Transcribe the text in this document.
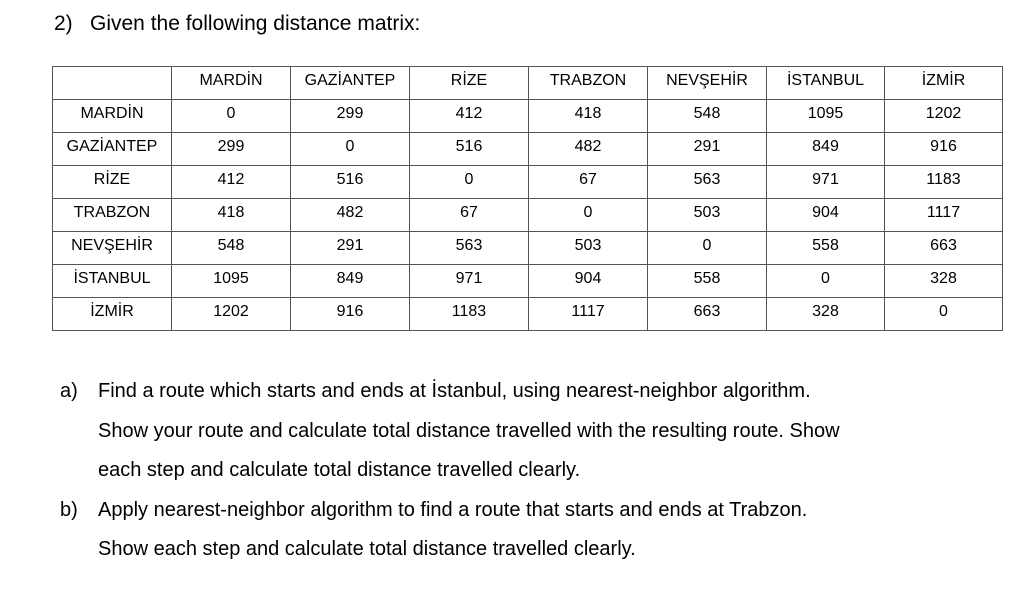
2) Given the following distance matrix:
	MARDİN	GAZİANTEP	RİZE	TRABZON	NEVŞEHİR	İSTANBUL	İZMİR
MARDİN	0	299	412	418	548	1095	1202
GAZİANTEP	299	0	516	482	291	849	916
RİZE	412	516	0	67	563	971	1183
TRABZON	418	482	67	0	503	904	1117
NEVŞEHİR	548	291	563	503	0	558	663
İSTANBUL	1095	849	971	904	558	0	328
İZMİR	1202	916	1183	1117	663	328	0
a) Find a route which starts and ends at İstanbul, using nearest-neighbor algorithm.
Show your route and calculate total distance travelled with the resulting route. Show
each step and calculate total distance travelled clearly.
b) Apply nearest-neighbor algorithm to find a route that starts and ends at Trabzon.
Show each step and calculate total distance travelled clearly.
